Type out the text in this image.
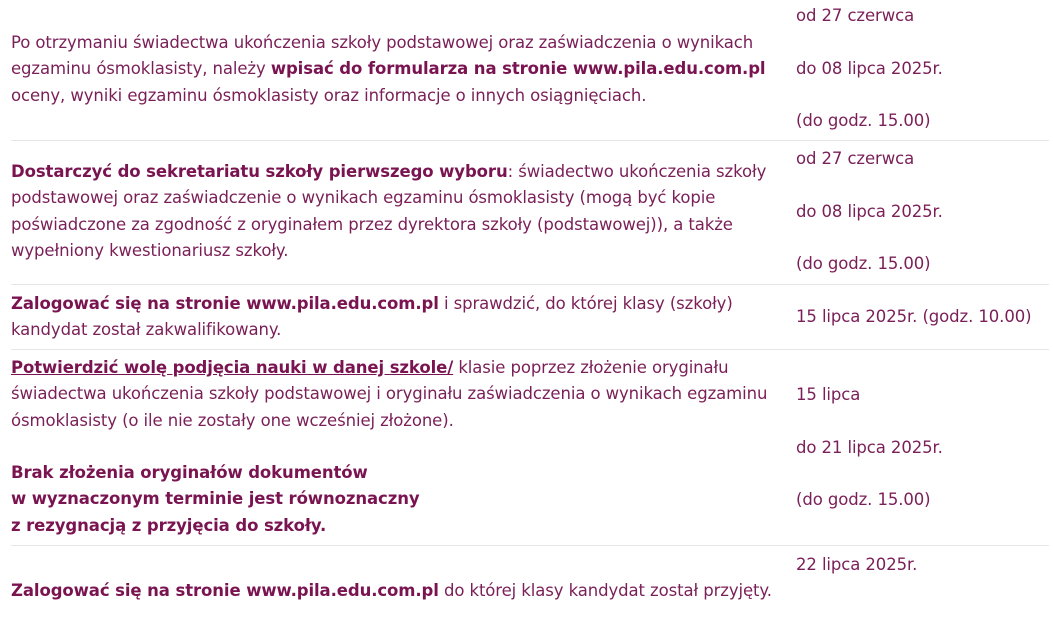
Po otrzymaniu świadectwa ukończenia szkoły podstawowej oraz zaświadczenia o wynikach egzaminu ósmoklasisty, należy wpisać do formularza na stronie www.pila.edu.com.pl oceny, wyniki egzaminu ósmoklasisty oraz informacje o innych osiągnięciach.
od 27 czerwca
do 08 lipca 2025r.
(do godz. 15.00)
Dostarczyć do sekretariatu szkoły pierwszego wyboru: świadectwo ukończenia szkoły podstawowej oraz zaświadczenie o wynikach egzaminu ósmoklasisty (mogą być kopie poświadczone za zgodność z oryginałem przez dyrektora szkoły (podstawowej)), a także wypełniony kwestionariusz szkoły.
od 27 czerwca
do 08 lipca 2025r.
(do godz. 15.00)
Zalogować się na stronie www.pila.edu.com.pl i sprawdzić, do której klasy (szkoły) kandydat został zakwalifikowany.
15 lipca 2025r. (godz. 10.00)
Potwierdzić wolę podjęcia nauki w danej szkole/ klasie poprzez złożenie oryginału świadectwa ukończenia szkoły podstawowej i oryginału zaświadczenia o wynikach egzaminu ósmoklasisty (o ile nie zostały one wcześniej złożone).
Brak złożenia oryginałów dokumentów
w wyznaczonym terminie jest równoznaczny
z rezygnacją z przyjęcia do szkoły.
15 lipca
do 21 lipca 2025r.
(do godz. 15.00)
Zalogować się na stronie www.pila.edu.com.pl do której klasy kandydat został przyjęty.
22 lipca 2025r.
